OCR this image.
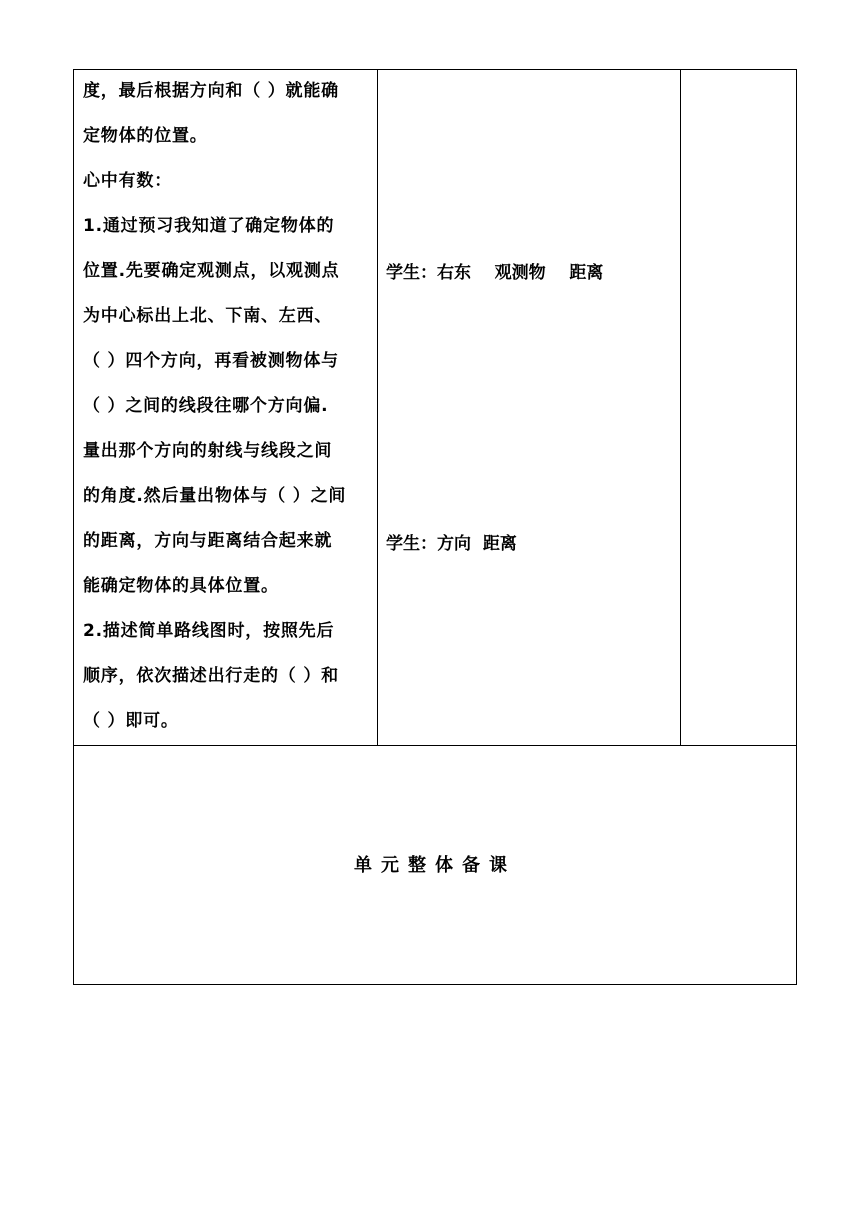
度，最后根据方向和（ ）就能确
定物体的位置。
心中有数：
1.通过预习我知道了确定物体的
位置.先要确定观测点，以观测点
为中心标出上北、下南、左西、
（ ）四个方向，再看被测物体与
（ ）之间的线段往哪个方向偏.
量出那个方向的射线与线段之间
的角度.然后量出物体与（ ）之间
的距离，方向与距离结合起来就
能确定物体的具体位置。
2.描述简单路线图时，按照先后
顺序，依次描述出行走的（ ）和
（ ）即可。
学生：右东    观测物    距离
学生：方向  距离
单元整体备课
